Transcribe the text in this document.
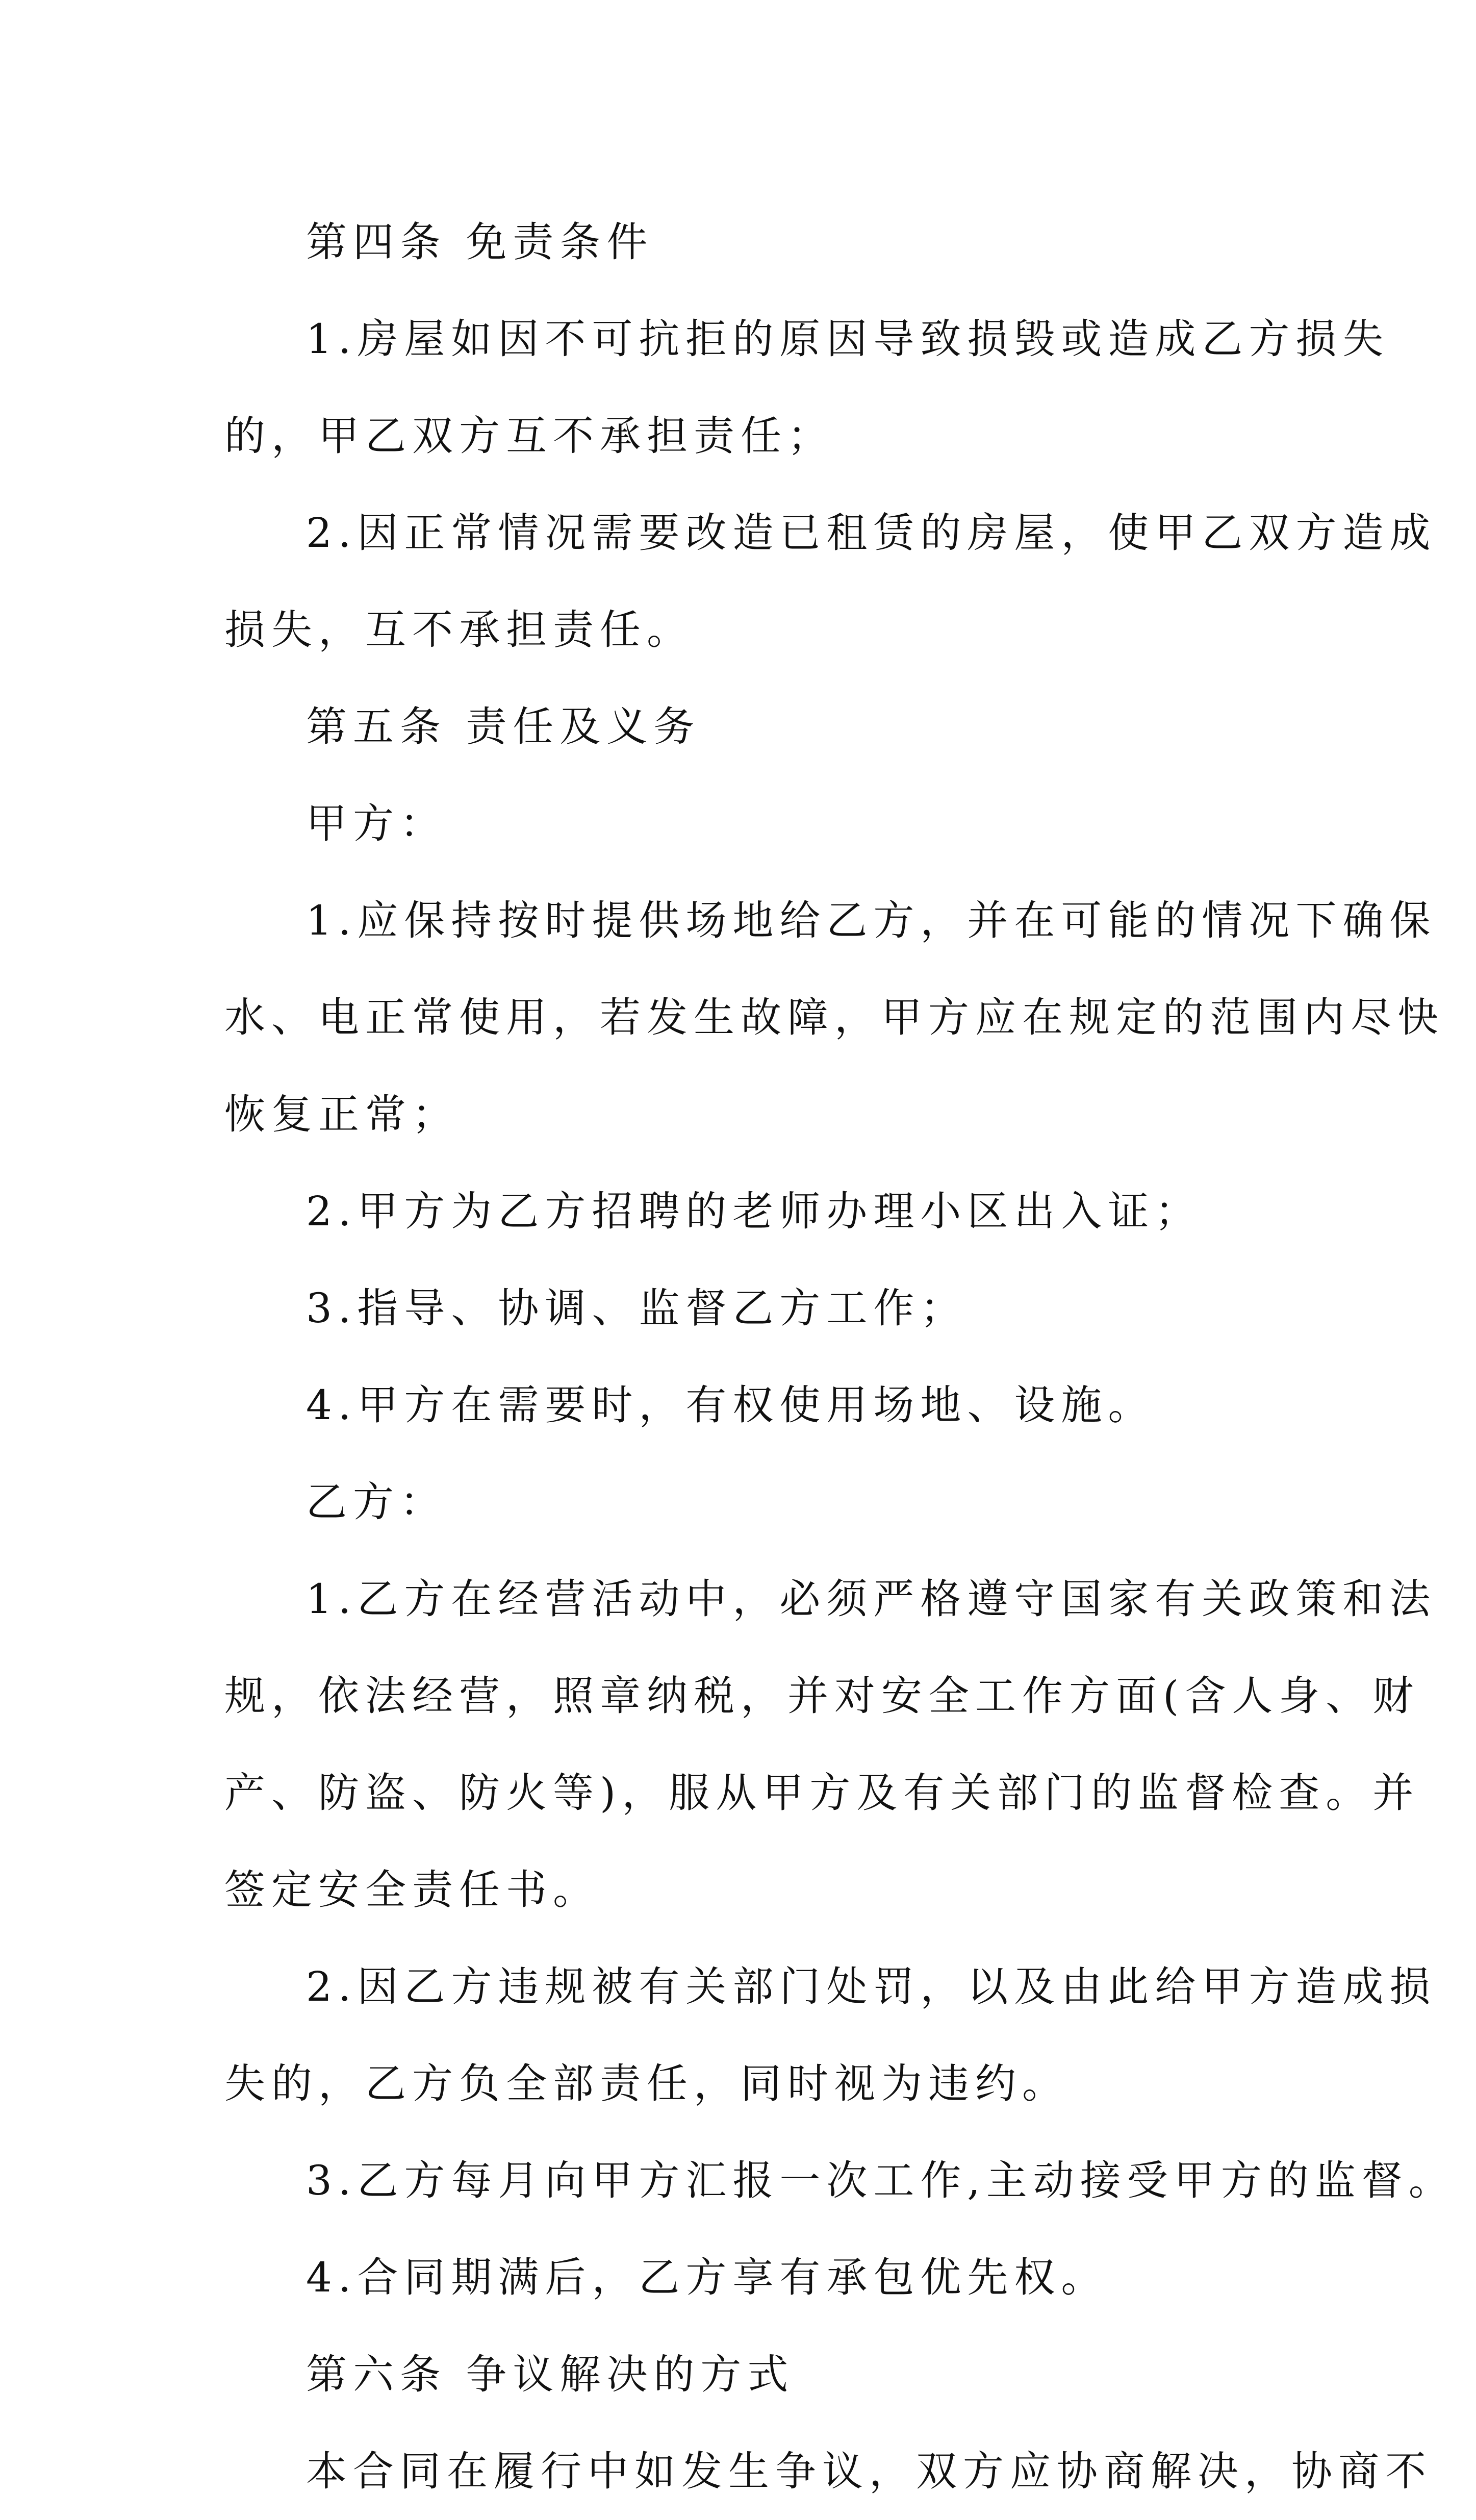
第四条 免责条件
1.房屋如因不可抗拒的原因导致损毁或造成乙方损失
的，甲乙双方互不承担责任；
2.因正常情况需要改造已租赁的房屋，使甲乙双方造成
损失，互不承担责任。
第五条 责任及义务
甲方：
1.应保持按时提供场地给乙方，并在可能的情况下确保
水、电正常使用，若发生故障，甲方应在规定的范围内尽快
恢复正常；
2.甲方为乙方招聘的老师办理小区出入证；
3.指导、协调、监督乙方工作；
4.甲方在需要时，有权使用场地、设施。
乙方：
1.乙方在经营活动中，必须严格遵守国家有关政策和法
规，依法经营，照章纳税，并对安全工作方面(含人身、财
产、防盗、防火等)，服从甲方及有关部门的监督检查。并
签定安全责任书。
2.因乙方违规被有关部门处罚，以及由此给甲方造成损
失的，乙方负全部责任，同时视为违约。
3.乙方每月向甲方汇报一次工作,主动接受甲方的监督。
4.合同期满后，乙方享有承包优先权。
第六条 争议解决的方式
本合同在履行中如发生争议，双方应协商解决，协商不
